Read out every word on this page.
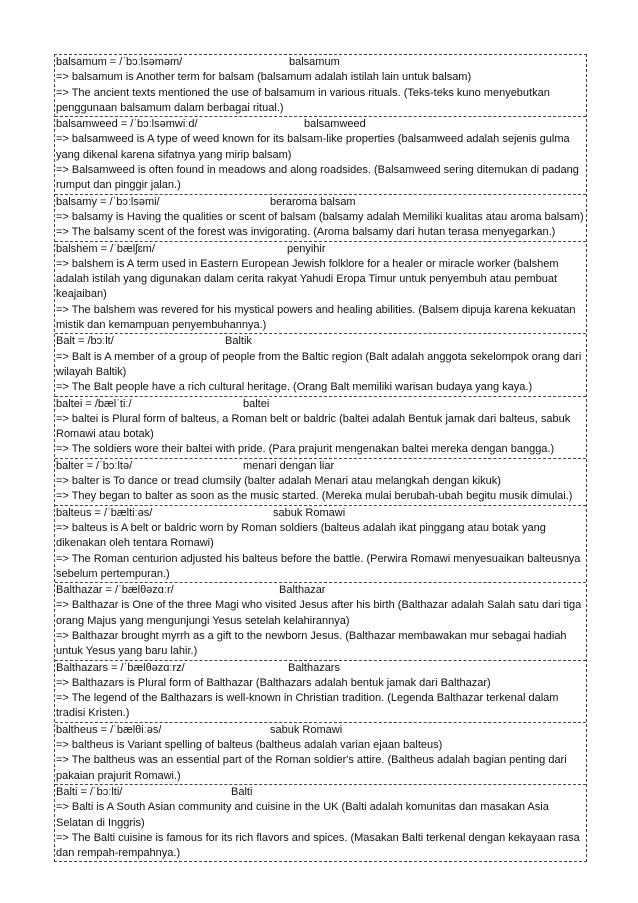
balsamum = /ˈbɔːlsəməm/	balsamum
=> balsamum is Another term for balsam (balsamum adalah istilah lain untuk balsam)
=> The ancient texts mentioned the use of balsamum in various rituals. (Teks-teks kuno menyebutkan penggunaan balsamum dalam berbagai ritual.)
balsamweed = /ˈbɔːlsəmwiːd/	balsamweed
=> balsamweed is A type of weed known for its balsam-like properties (balsamweed adalah sejenis gulma yang dikenal karena sifatnya yang mirip balsam)
=> Balsamweed is often found in meadows and along roadsides. (Balsamweed sering ditemukan di padang rumput dan pinggir jalan.)
balsamy = /ˈbɔːlsəmi/	beraroma balsam
=> balsamy is Having the qualities or scent of balsam (balsamy adalah Memiliki kualitas atau aroma balsam)
=> The balsamy scent of the forest was invigorating. (Aroma balsamy dari hutan terasa menyegarkan.)
balshem = /ˈbælʃɛm/	penyihir
=> balshem is A term used in Eastern European Jewish folklore for a healer or miracle worker (balshem adalah istilah yang digunakan dalam cerita rakyat Yahudi Eropa Timur untuk penyembuh atau pembuat keajaiban)
=> The balshem was revered for his mystical powers and healing abilities. (Balsem dipuja karena kekuatan mistik dan kemampuan penyembuhannya.)
Balt = /bɔːlt/	Baltik
=> Balt is A member of a group of people from the Baltic region (Balt adalah anggota sekelompok orang dari wilayah Baltik)
=> The Balt people have a rich cultural heritage. (Orang Balt memiliki warisan budaya yang kaya.)
baltei = /bælˈtiː/	baltei
=> baltei is Plural form of balteus, a Roman belt or baldric (baltei adalah Bentuk jamak dari balteus, sabuk Romawi atau botak)
=> The soldiers wore their baltei with pride. (Para prajurit mengenakan baltei mereka dengan bangga.)
balter = /ˈbɔːltə/	menari dengan liar
=> balter is To dance or tread clumsily (balter adalah Menari atau melangkah dengan kikuk)
=> They began to balter as soon as the music started. (Mereka mulai berubah-ubah begitu musik dimulai.)
balteus = /ˈbæltiːəs/	sabuk Romawi
=> balteus is A belt or baldric worn by Roman soldiers (balteus adalah ikat pinggang atau botak yang dikenakan oleh tentara Romawi)
=> The Roman centurion adjusted his balteus before the battle. (Perwira Romawi menyesuaikan balteusnya sebelum pertempuran.)
Balthazar = /ˈbælθəzɑːr/	Balthazar
=> Balthazar is One of the three Magi who visited Jesus after his birth (Balthazar adalah Salah satu dari tiga orang Majus yang mengunjungi Yesus setelah kelahirannya)
=> Balthazar brought myrrh as a gift to the newborn Jesus. (Balthazar membawakan mur sebagai hadiah untuk Yesus yang baru lahir.)
Balthazars = /ˈbælθəzɑːrz/	Balthazars
=> Balthazars is Plural form of Balthazar (Balthazars adalah bentuk jamak dari Balthazar)
=> The legend of the Balthazars is well-known in Christian tradition. (Legenda Balthazar terkenal dalam tradisi Kristen.)
baltheus = /ˈbælθiːəs/	sabuk Romawi
=> baltheus is Variant spelling of balteus (baltheus adalah varian ejaan balteus)
=> The baltheus was an essential part of the Roman soldier's attire. (Baltheus adalah bagian penting dari pakaian prajurit Romawi.)
Balti = /ˈbɔːlti/	Balti
=> Balti is A South Asian community and cuisine in the UK (Balti adalah komunitas dan masakan Asia Selatan di Inggris)
=> The Balti cuisine is famous for its rich flavors and spices. (Masakan Balti terkenal dengan kekayaan rasa dan rempah-rempahnya.)
